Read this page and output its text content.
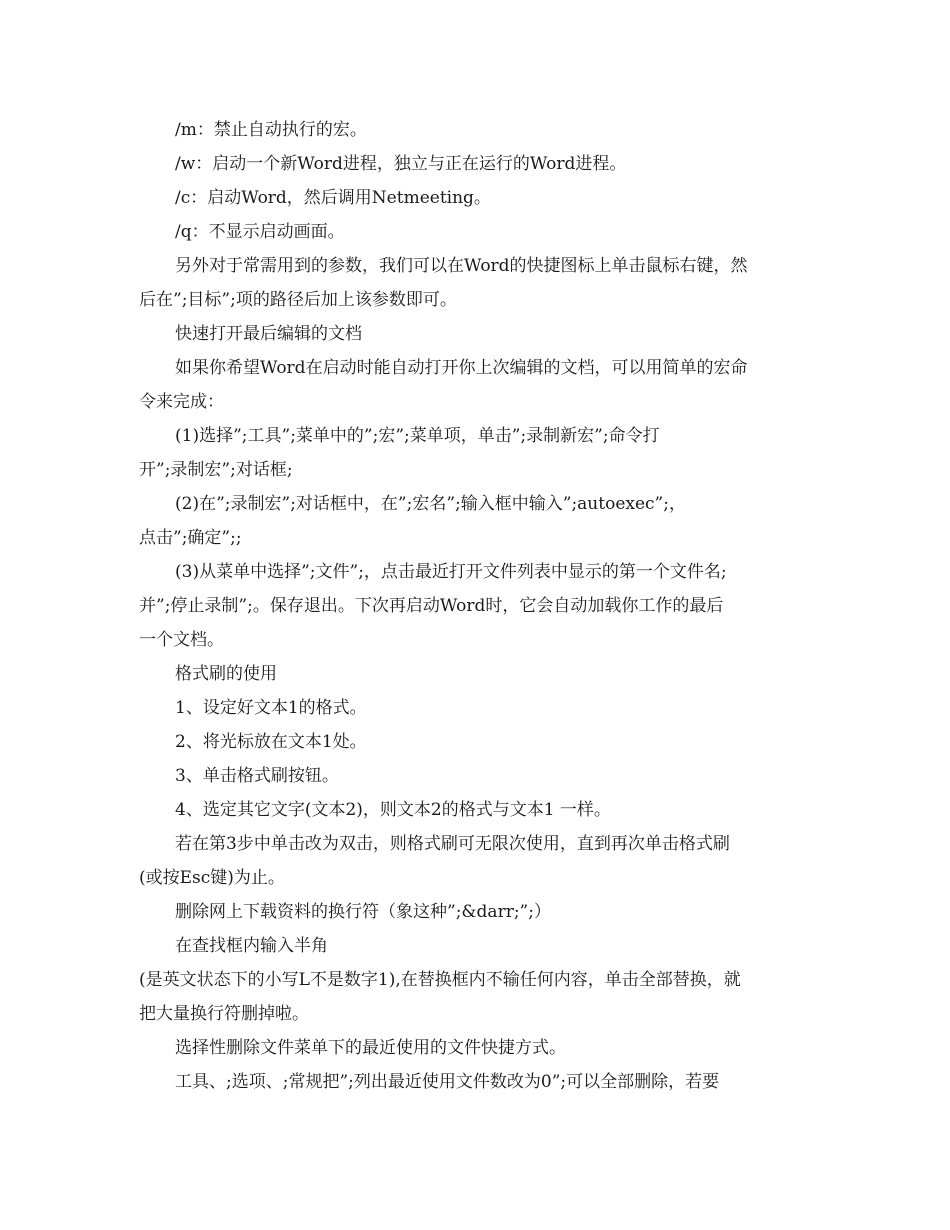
/m：禁止自动执行的宏。
/w：启动一个新Word进程，独立与正在运行的Word进程。
/c：启动Word，然后调用Netmeeting。
/q：不显示启动画面。
另外对于常需用到的参数，我们可以在Word的快捷图标上单击鼠标右键，然
后在”;目标”;项的路径后加上该参数即可。
快速打开最后编辑的文档
如果你希望Word在启动时能自动打开你上次编辑的文档，可以用简单的宏命
令来完成：
(1)选择”;工具”;菜单中的”;宏”;菜单项，单击”;录制新宏”;命令打
开”;录制宏”;对话框;
(2)在”;录制宏”;对话框中，在”;宏名”;输入框中输入”;autoexec”;，
点击”;确定”;;
(3)从菜单中选择”;文件”;，点击最近打开文件列表中显示的第一个文件名;
并”;停止录制”;。保存退出。下次再启动Word时，它会自动加载你工作的最后
一个文档。
格式刷的使用
1、设定好文本1的格式。
2、将光标放在文本1处。
3、单击格式刷按钮。
4、选定其它文字(文本2)，则文本2的格式与文本1 一样。
若在第3步中单击改为双击，则格式刷可无限次使用，直到再次单击格式刷
(或按Esc键)为止。
删除网上下载资料的换行符（象这种”;&darr;”;）
在查找框内输入半角
(是英文状态下的小写L不是数字1),在替换框内不输任何内容，单击全部替换，就
把大量换行符删掉啦。
选择性删除文件菜单下的最近使用的文件快捷方式。
工具、;选项、;常规把”;列出最近使用文件数改为0”;可以全部删除，若要
